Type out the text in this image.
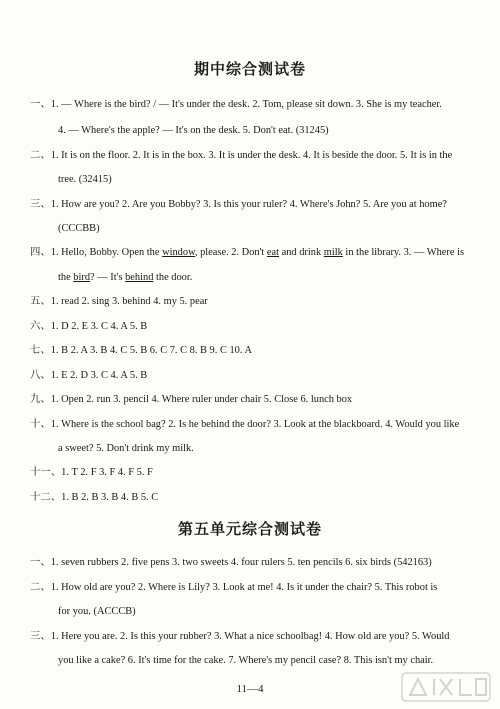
期中综合测试卷
一、1. — Where is the bird? / — It's under the desk. 2. Tom, please sit down. 3. She is my teacher.
4. — Where's the apple? — It's on the desk. 5. Don't eat. (31245)
二、1. It is on the floor. 2. It is in the box. 3. It is under the desk. 4. It is beside the door. 5. It is in the
tree. (32415)
三、1. How are you? 2. Are you Bobby? 3. Is this your ruler? 4. Where's John? 5. Are you at home?
(CCCBB)
四、1. Hello, Bobby. Open the window, please. 2. Don't eat and drink milk in the library. 3. — Where is
the bird? — It's behind the door.
五、1. read 2. sing 3. behind 4. my 5. pear
六、1. D 2. E 3. C 4. A 5. B
七、1. B 2. A 3. B 4. C 5. B 6. C 7. C 8. B 9. C 10. A
八、1. E 2. D 3. C 4. A 5. B
九、1. Open 2. run 3. pencil 4. Where ruler under chair 5. Close 6. lunch box
十、1. Where is the school bag? 2. Is he behind the door? 3. Look at the blackboard. 4. Would you like
a sweet? 5. Don't drink my milk.
十一、1. T 2. F 3. F 4. F 5. F
十二、1. B 2. B 3. B 4. B 5. C
第五单元综合测试卷
一、1. seven rubbers 2. five pens 3. two sweets 4. four rulers 5. ten pencils 6. six birds (542163)
二、1. How old are you? 2. Where is Lily? 3. Look at me! 4. Is it under the chair? 5. This robot is
for you. (ACCCB)
三、1. Here you are. 2. Is this your rubber? 3. What a nice schoolbag! 4. How old are you? 5. Would
you like a cake? 6. It's time for the cake. 7. Where's my pencil case? 8. This isn't my chair.
11—4
